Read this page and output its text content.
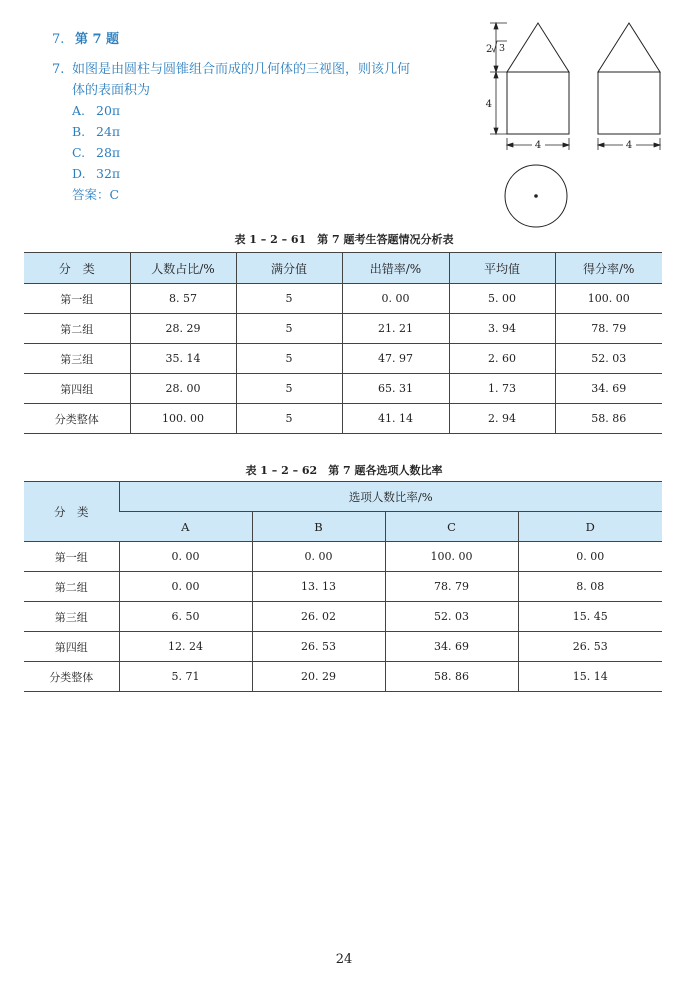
7. 第 7 题
7. 如图是由圆柱与圆锥组合而成的几何体的三视图，则该几何
体的表面积为
A. 20π
B. 24π
C. 28π
D. 32π
答案：C
2 3
4
4	4
表 1 – 2 – 61　第 7 题考生答题情况分析表
分　类	人数占比/%	满分值	出错率/%	平均值	得分率/%
第一组	8. 57	5	0. 00	5. 00	100. 00
第二组	28. 29	5	21. 21	3. 94	78. 79
第三组	35. 14	5	47. 97	2. 60	52. 03
第四组	28. 00	5	65. 31	1. 73	34. 69
分类整体	100. 00	5	41. 14	2. 94	58. 86
表 1 – 2 – 62　第 7 题各选项人数比率
分　类	选项人数比率/%			
	A	B	C	D
第一组	0. 00	0. 00	100. 00	0. 00
第二组	0. 00	13. 13	78. 79	8. 08
第三组	6. 50	26. 02	52. 03	15. 45
第四组	12. 24	26. 53	34. 69	26. 53
分类整体	5. 71	20. 29	58. 86	15. 14
24
